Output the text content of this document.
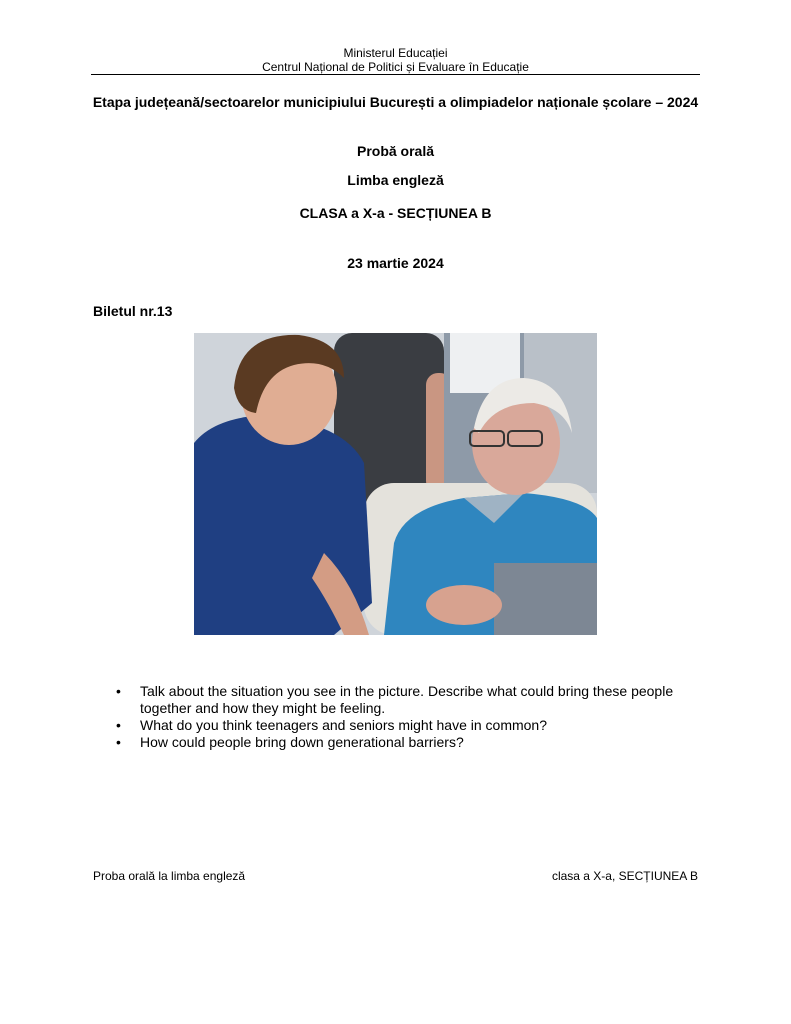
Ministerul Educației
Centrul Național de Politici și Evaluare în Educație
Etapa județeană/sectoarelor municipiului București a olimpiadelor naționale școlare – 2024
Probă orală
Limba engleză
CLASA a X-a - SECȚIUNEA B
23 martie 2024
Biletul nr.13
• Talk about the situation you see in the picture. Describe what could bring these people together and how they might be feeling.
• What do you think teenagers and seniors might have in common?
• How could people bring down generational barriers?
Proba orală la limba engleză	clasa a X-a, SECȚIUNEA B
